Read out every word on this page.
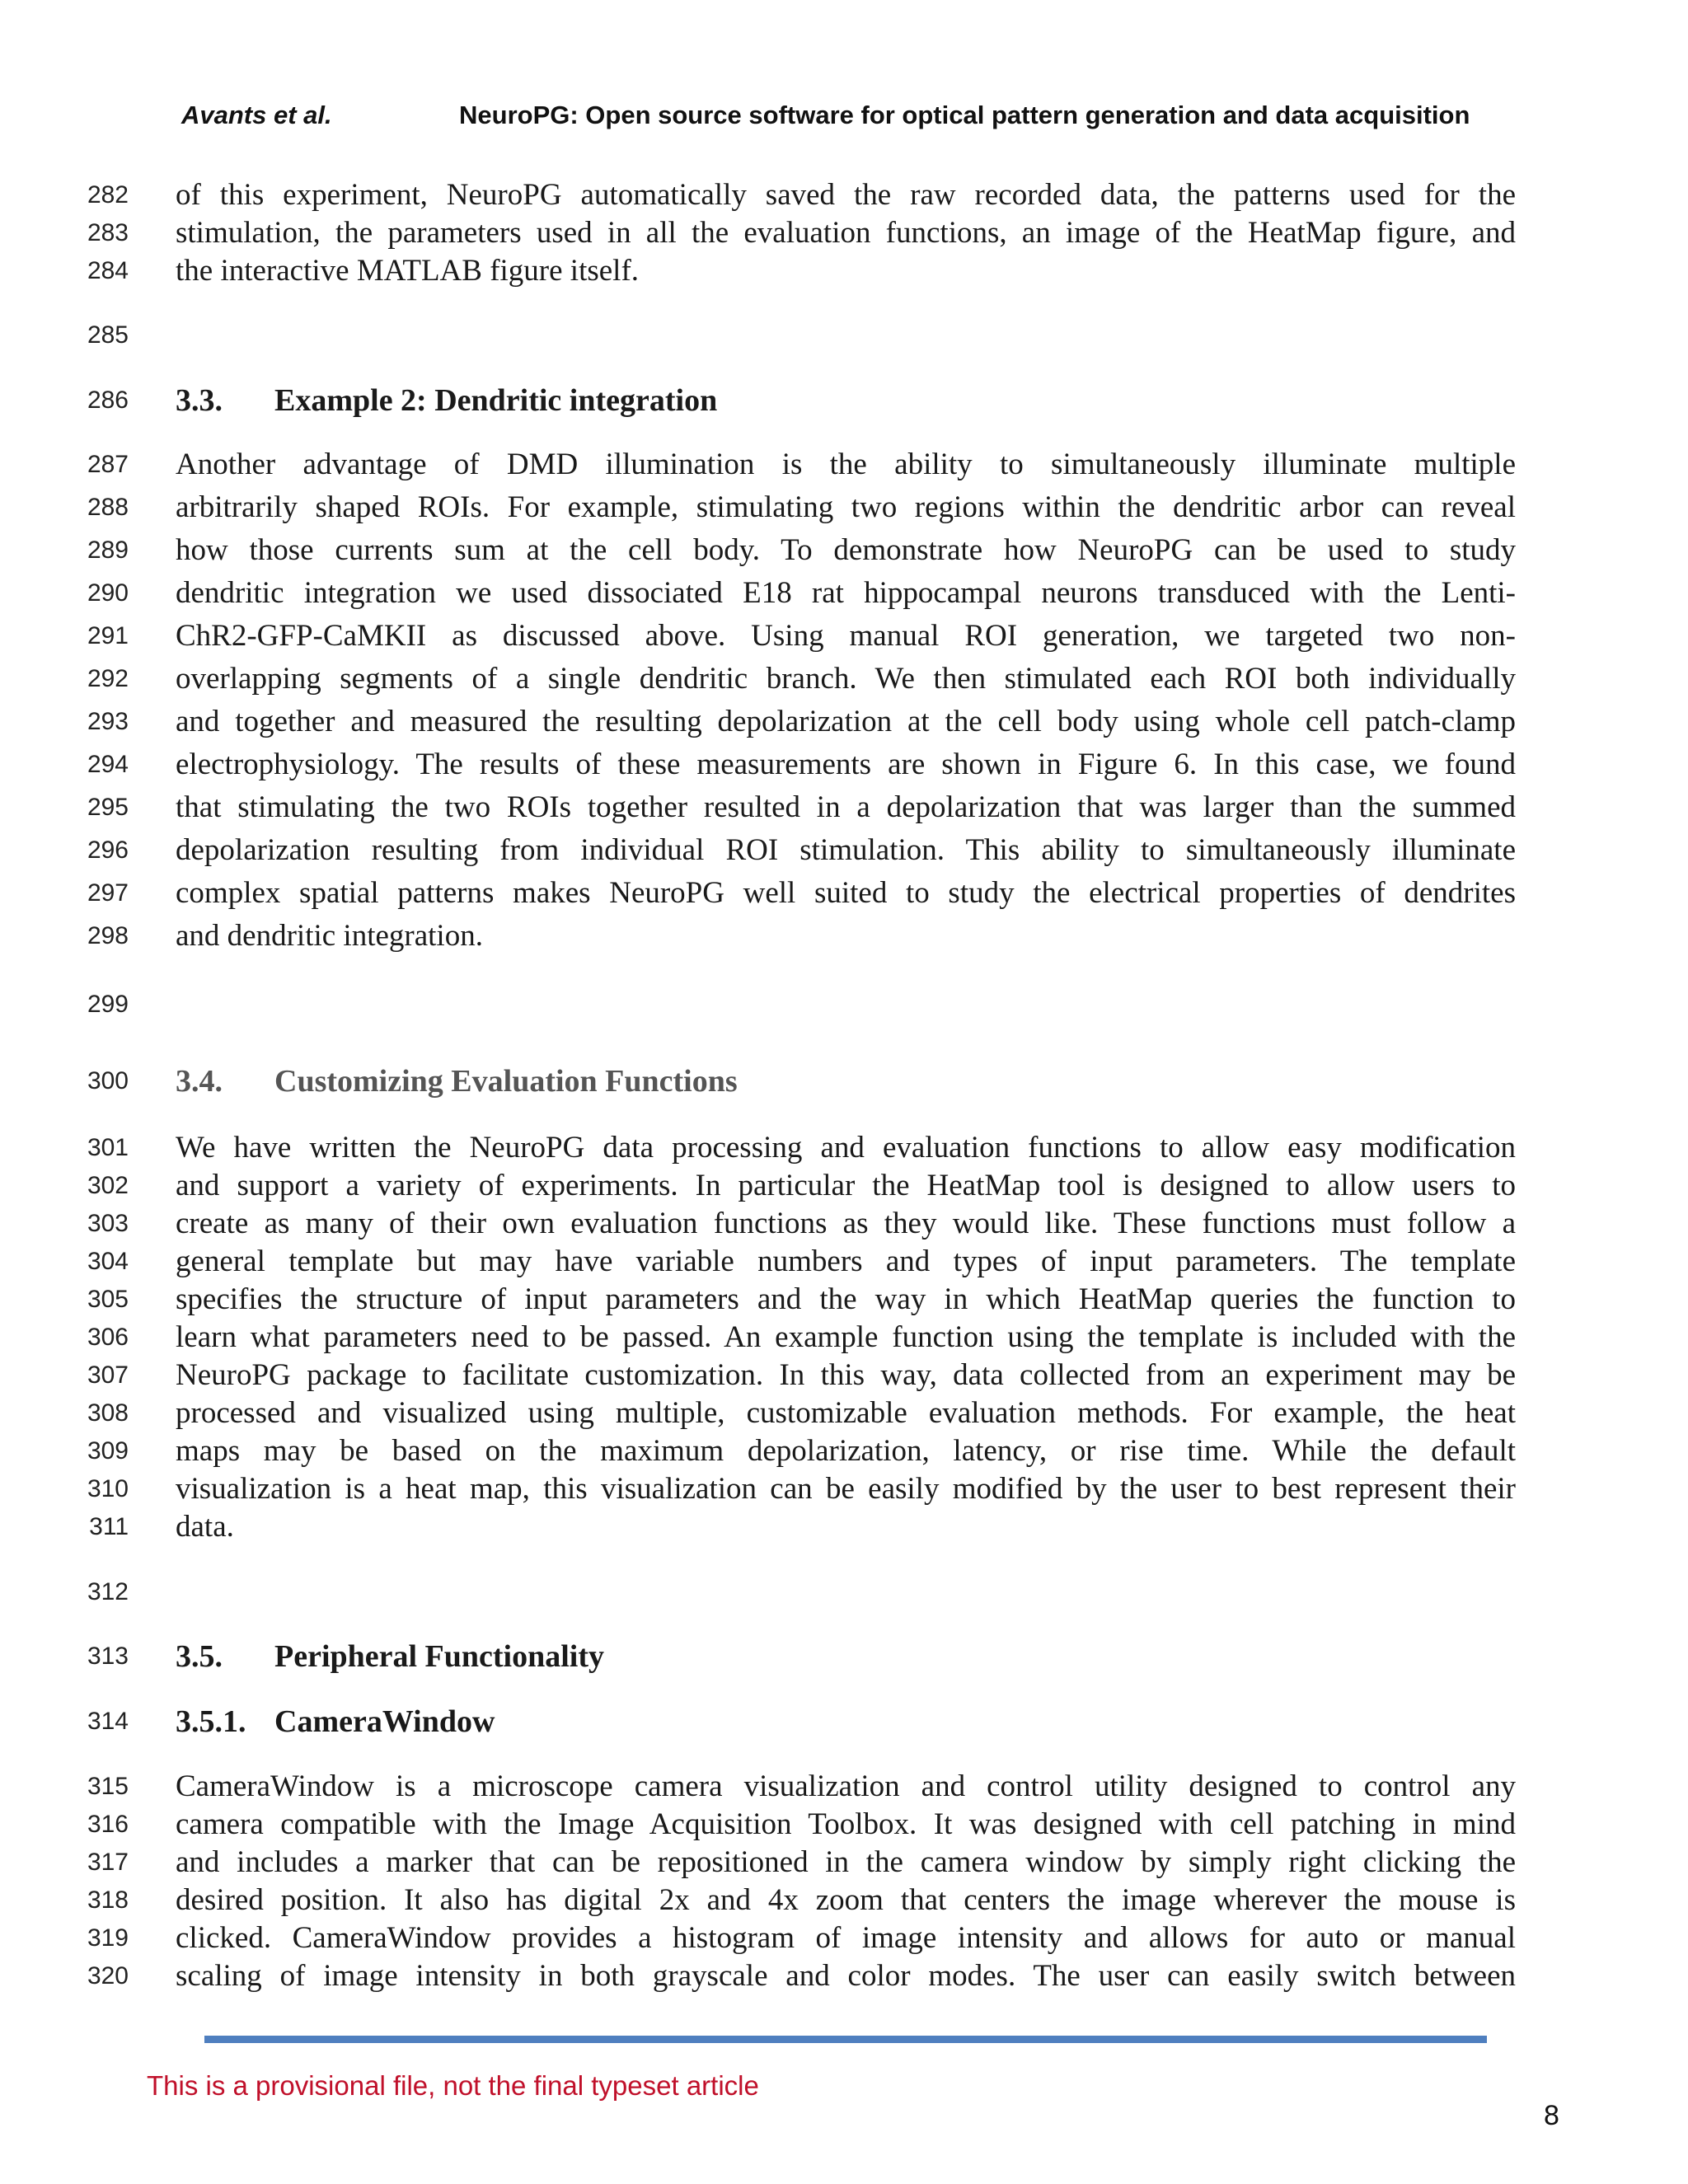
Avants et al.	NeuroPG: Open source software for optical pattern generation and data acquisition
282 of this experiment, NeuroPG automatically saved the raw recorded data, the patterns used for the
283 stimulation, the parameters used in all the evaluation functions, an image of the HeatMap figure, and
284 the interactive MATLAB figure itself.
285
286 3.3. Example 2: Dendritic integration
287 Another advantage of DMD illumination is the ability to simultaneously illuminate multiple
288 arbitrarily shaped ROIs. For example, stimulating two regions within the dendritic arbor can reveal
289 how those currents sum at the cell body. To demonstrate how NeuroPG can be used to study
290 dendritic integration we used dissociated E18 rat hippocampal neurons transduced with the Lenti-
291 ChR2-GFP-CaMKII as discussed above. Using manual ROI generation, we targeted two non-
292 overlapping segments of a single dendritic branch. We then stimulated each ROI both individually
293 and together and measured the resulting depolarization at the cell body using whole cell patch-clamp
294 electrophysiology. The results of these measurements are shown in Figure 6. In this case, we found
295 that stimulating the two ROIs together resulted in a depolarization that was larger than the summed
296 depolarization resulting from individual ROI stimulation. This ability to simultaneously illuminate
297 complex spatial patterns makes NeuroPG well suited to study the electrical properties of dendrites
298 and dendritic integration.
299
300 3.4. Customizing Evaluation Functions
301 We have written the NeuroPG data processing and evaluation functions to allow easy modification
302 and support a variety of experiments. In particular the HeatMap tool is designed to allow users to
303 create as many of their own evaluation functions as they would like. These functions must follow a
304 general template but may have variable numbers and types of input parameters. The template
305 specifies the structure of input parameters and the way in which HeatMap queries the function to
306 learn what parameters need to be passed. An example function using the template is included with the
307 NeuroPG package to facilitate customization. In this way, data collected from an experiment may be
308 processed and visualized using multiple, customizable evaluation methods. For example, the heat
309 maps may be based on the maximum depolarization, latency, or rise time. While the default
310 visualization is a heat map, this visualization can be easily modified by the user to best represent their
311 data.
312
313 3.5. Peripheral Functionality
314 3.5.1. CameraWindow
315 CameraWindow is a microscope camera visualization and control utility designed to control any
316 camera compatible with the Image Acquisition Toolbox. It was designed with cell patching in mind
317 and includes a marker that can be repositioned in the camera window by simply right clicking the
318 desired position. It also has digital 2x and 4x zoom that centers the image wherever the mouse is
319 clicked. CameraWindow provides a histogram of image intensity and allows for auto or manual
320 scaling of image intensity in both grayscale and color modes. The user can easily switch between
This is a provisional file, not the final typeset article
8
